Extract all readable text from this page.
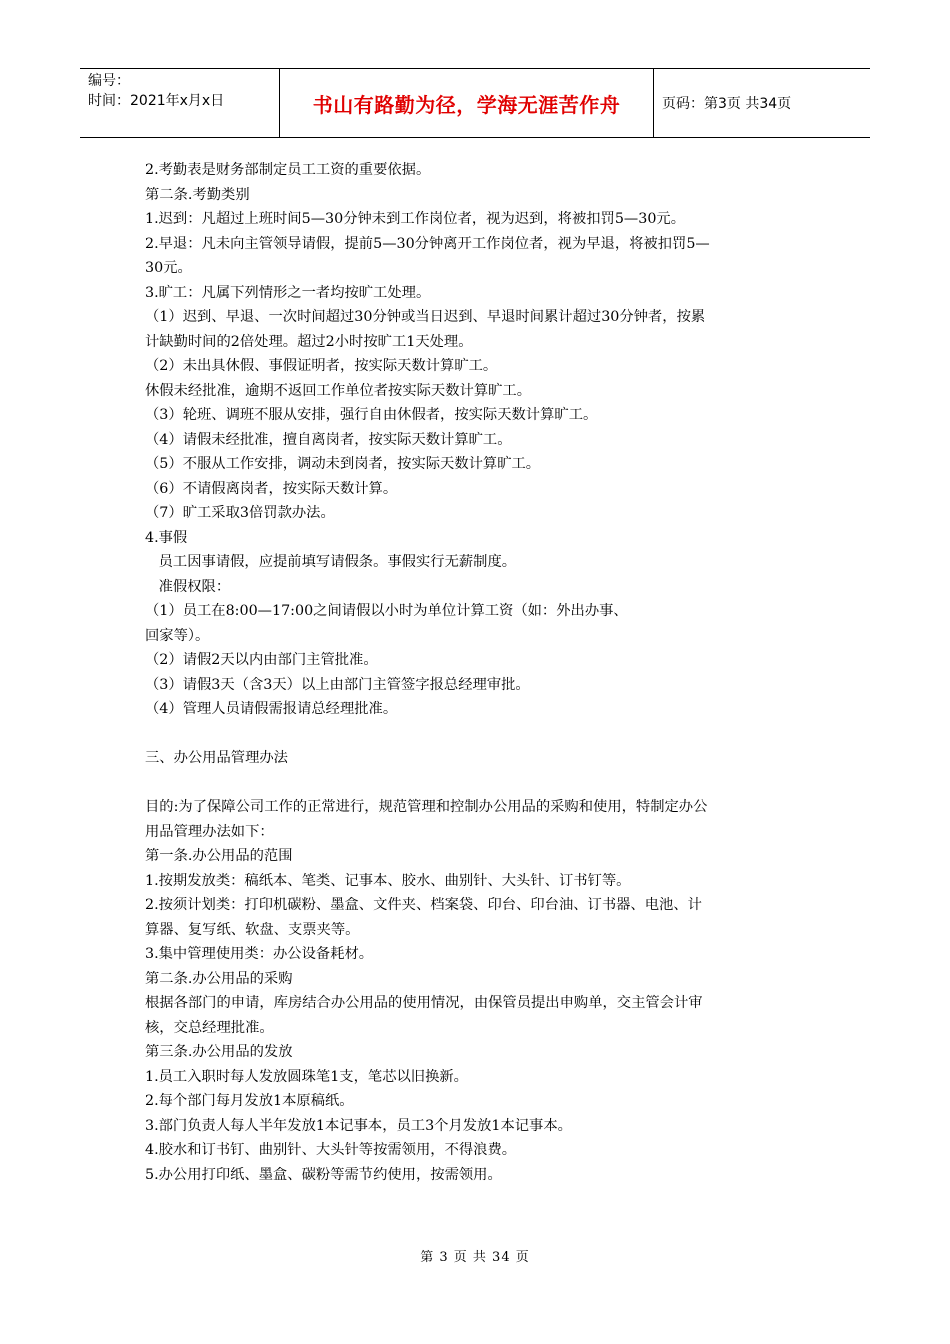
编号：
时间：2021年x月x日	书山有路勤为径，学海无涯苦作舟	页码：第3页 共34页

2.考勤表是财务部制定员工工资的重要依据。

第二条.考勤类别

1.迟到：凡超过上班时间5—30分钟未到工作岗位者，视为迟到，将被扣罚5—30元。

2.早退：凡未向主管领导请假，提前5—30分钟离开工作岗位者，视为早退，将被扣罚5—

30元。

3.旷工：凡属下列情形之一者均按旷工处理。

（1）迟到、早退、一次时间超过30分钟或当日迟到、早退时间累计超过30分钟者，按累

计缺勤时间的2倍处理。超过2小时按旷工1天处理。

（2）未出具休假、事假证明者，按实际天数计算旷工。

休假未经批准，逾期不返回工作单位者按实际天数计算旷工。

（3）轮班、调班不服从安排，强行自由休假者，按实际天数计算旷工。

（4）请假未经批准，擅自离岗者，按实际天数计算旷工。

（5）不服从工作安排，调动未到岗者，按实际天数计算旷工。

（6）不请假离岗者，按实际天数计算。

（7）旷工采取3倍罚款办法。

4.事假

员工因事请假，应提前填写请假条。事假实行无薪制度。

准假权限：

（1）员工在8:00—17:00之间请假以小时为单位计算工资（如：外出办事、

回家等）。

（2）请假2天以内由部门主管批准。

（3）请假3天（含3天）以上由部门主管签字报总经理审批。

（4）管理人员请假需报请总经理批准。

三、办公用品管理办法

目的:为了保障公司工作的正常进行，规范管理和控制办公用品的采购和使用，特制定办公

用品管理办法如下：

第一条.办公用品的范围

1.按期发放类：稿纸本、笔类、记事本、胶水、曲别针、大头针、订书钉等。

2.按须计划类：打印机碳粉、墨盒、文件夹、档案袋、印台、印台油、订书器、电池、计

算器、复写纸、软盘、支票夹等。

3.集中管理使用类：办公设备耗材。

第二条.办公用品的采购

根据各部门的申请，库房结合办公用品的使用情况，由保管员提出申购单，交主管会计审

核，交总经理批准。

第三条.办公用品的发放

1.员工入职时每人发放圆珠笔1支，笔芯以旧换新。

2.每个部门每月发放1本原稿纸。

3.部门负责人每人半年发放1本记事本，员工3个月发放1本记事本。

4.胶水和订书钉、曲别针、大头针等按需领用，不得浪费。

5.办公用打印纸、墨盒、碳粉等需节约使用，按需领用。

第 3 页 共 34 页
